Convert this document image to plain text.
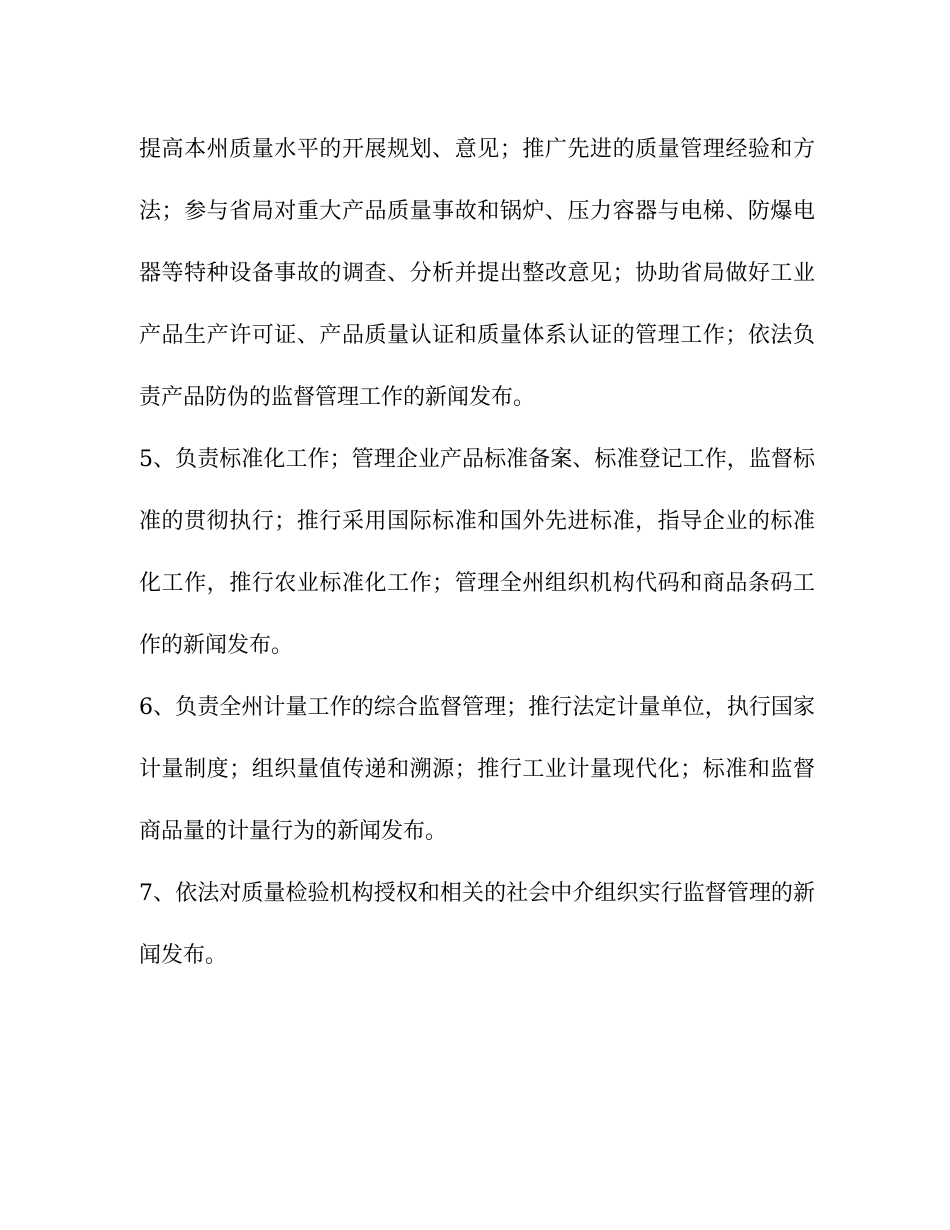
提高本州质量水平的开展规划、意见；推广先进的质量管理经验和方法；参与省局对重大产品质量事故和锅炉、压力容器与电梯、防爆电器等特种设备事故的调查、分析并提出整改意见；协助省局做好工业产品生产许可证、产品质量认证和质量体系认证的管理工作；依法负责产品防伪的监督管理工作的新闻发布。

5、负责标准化工作；管理企业产品标准备案、标准登记工作，监督标准的贯彻执行；推行采用国际标准和国外先进标准，指导企业的标准化工作，推行农业标准化工作；管理全州组织机构代码和商品条码工作的新闻发布。

6、负责全州计量工作的综合监督管理；推行法定计量单位，执行国家计量制度；组织量值传递和溯源；推行工业计量现代化；标准和监督商品量的计量行为的新闻发布。

7、依法对质量检验机构授权和相关的社会中介组织实行监督管理的新闻发布。
